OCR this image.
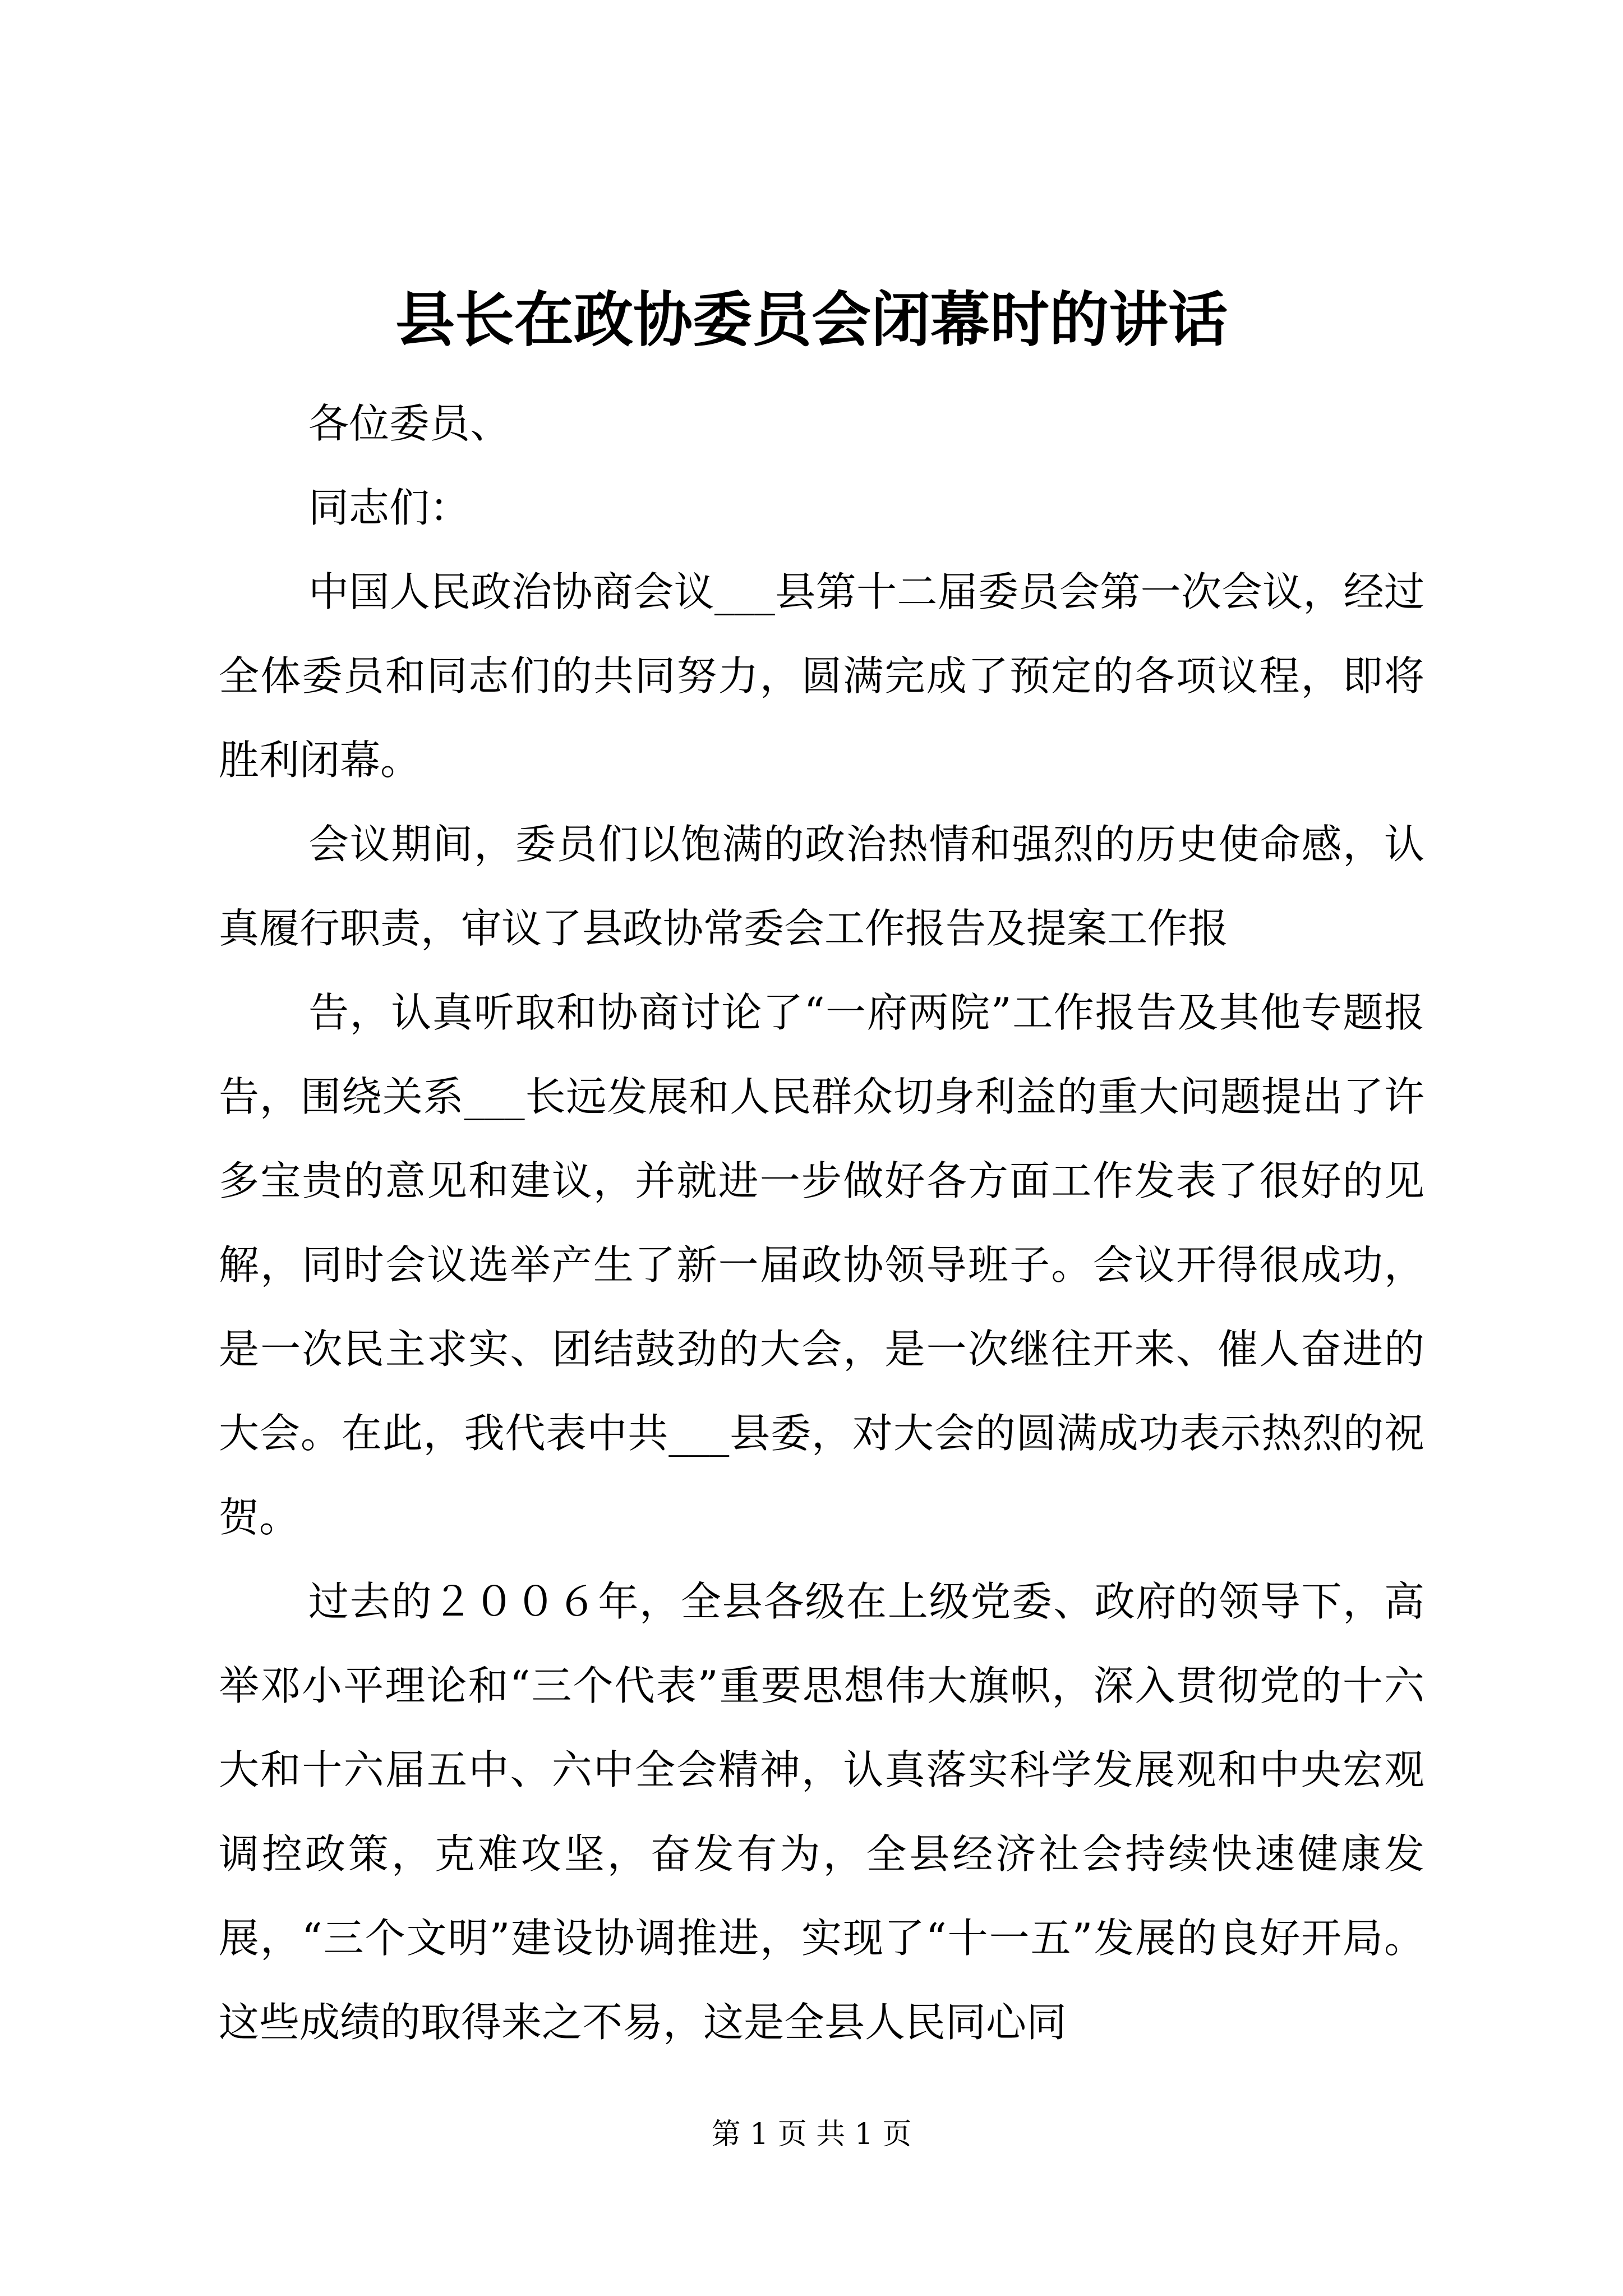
县长在政协委员会闭幕时的讲话

各位委员、

同志们：

中国人民政治协商会议___县第十二届委员会第一次会议，经过全体委员和同志们的共同努力，圆满完成了预定的各项议程，即将胜利闭幕。

会议期间，委员们以饱满的政治热情和强烈的历史使命感，认真履行职责，审议了县政协常委会工作报告及提案工作报

告，认真听取和协商讨论了“一府两院”工作报告及其他专题报告，围绕关系___长远发展和人民群众切身利益的重大问题提出了许多宝贵的意见和建议，并就进一步做好各方面工作发表了很好的见解，同时会议选举产生了新一届政协领导班子。会议开得很成功，是一次民主求实、团结鼓劲的大会，是一次继往开来、催人奋进的大会。在此，我代表中共___县委，对大会的圆满成功表示热烈的祝贺。

过去的２００６年，全县各级在上级党委、政府的领导下，高举邓小平理论和“三个代表”重要思想伟大旗帜，深入贯彻党的十六大和十六届五中、六中全会精神，认真落实科学发展观和中央宏观调控政策，克难攻坚，奋发有为，全县经济社会持续快速健康发展，“三个文明”建设协调推进，实现了“十一五”发展的良好开局。这些成绩的取得来之不易，这是全县人民同心同

第 1 页 共 1 页
